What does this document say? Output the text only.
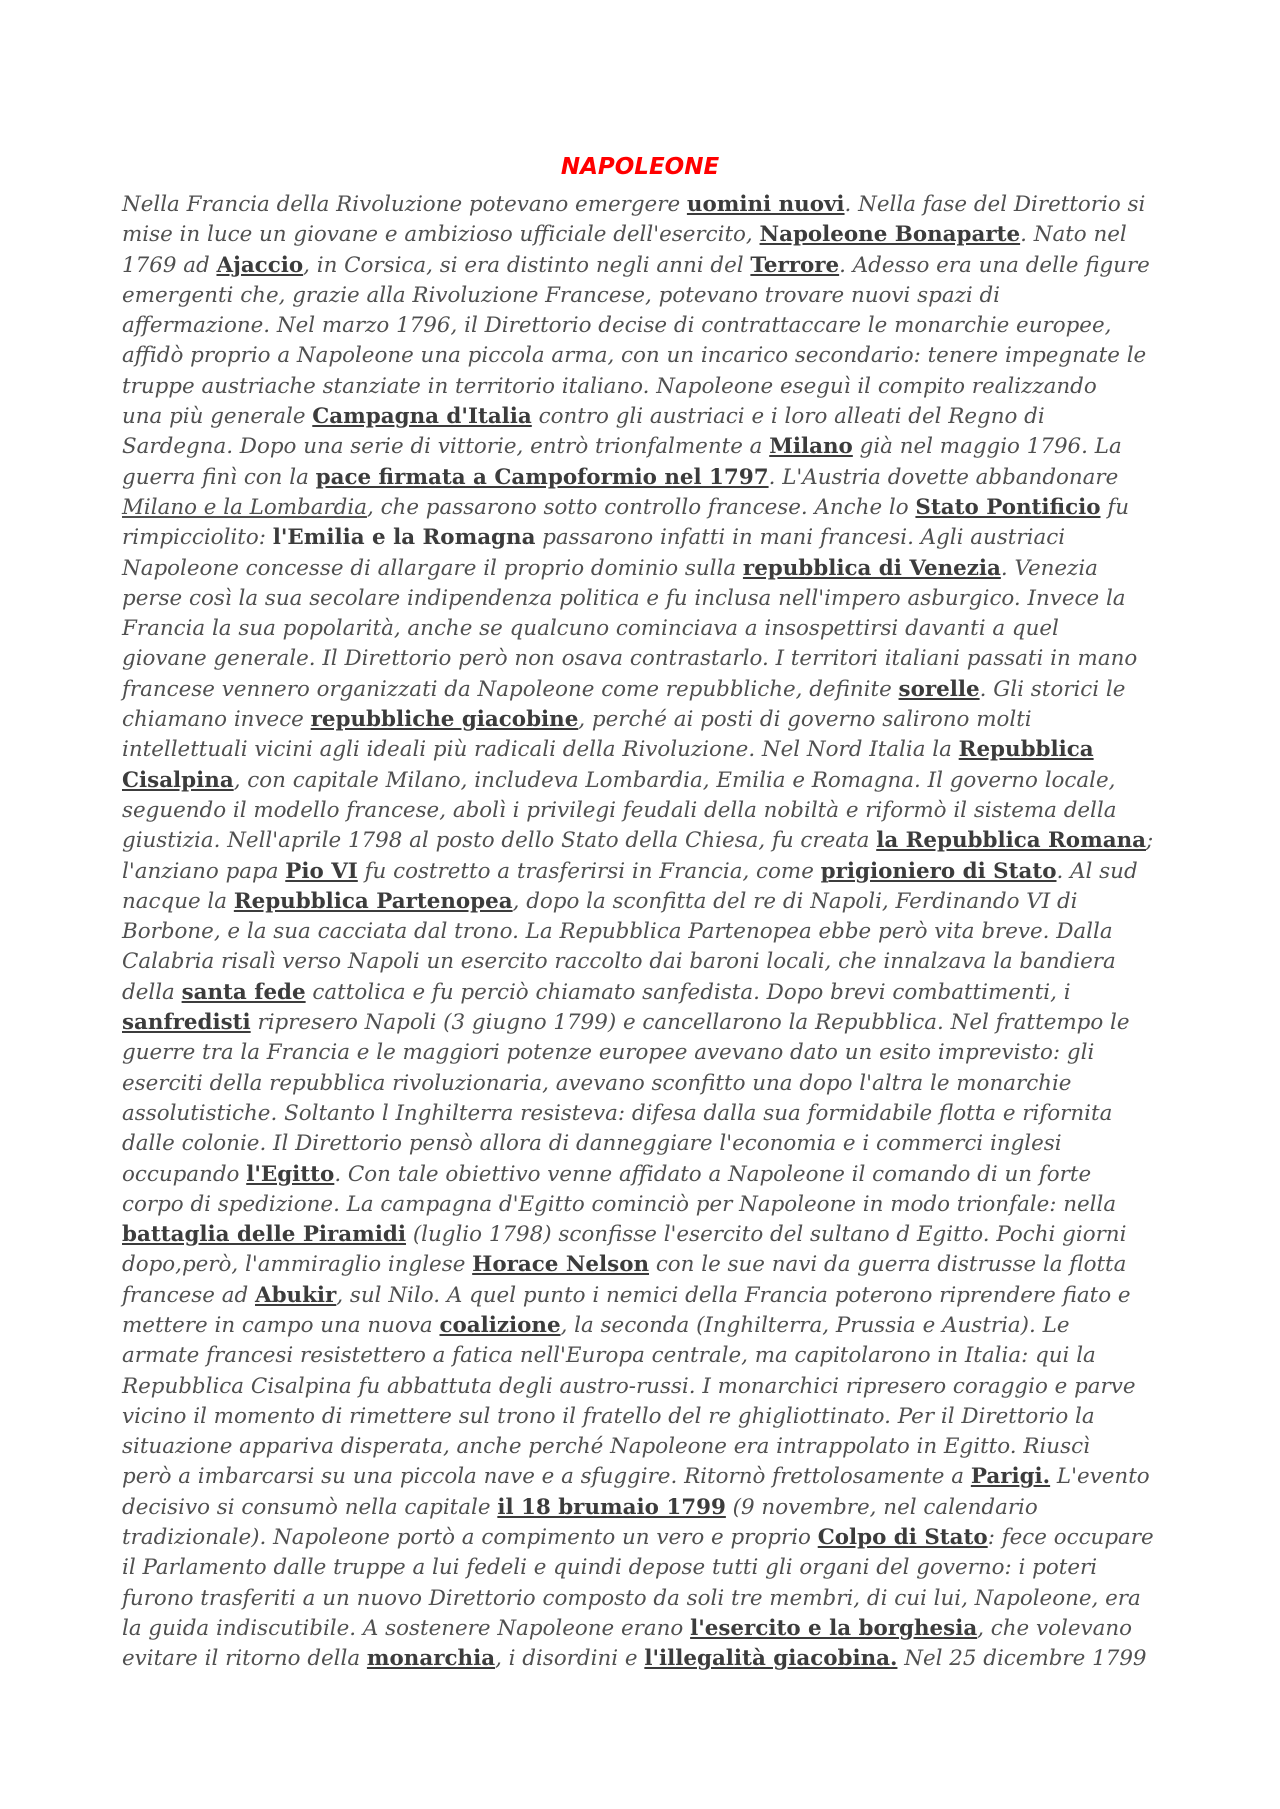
NAPOLEONE
Nella Francia della Rivoluzione potevano emergere uomini nuovi. Nella fase del Direttorio si
mise in luce un giovane e ambizioso ufficiale dell'esercito, Napoleone Bonaparte. Nato nel
1769 ad Ajaccio, in Corsica, si era distinto negli anni del Terrore. Adesso era una delle figure
emergenti che, grazie alla Rivoluzione Francese, potevano trovare nuovi spazi di
affermazione. Nel marzo 1796, il Direttorio decise di contrattaccare le monarchie europee,
affidò proprio a Napoleone una piccola arma, con un incarico secondario: tenere impegnate le
truppe austriache stanziate in territorio italiano. Napoleone eseguì il compito realizzando
una più generale Campagna d'Italia contro gli austriaci e i loro alleati del Regno di
Sardegna. Dopo una serie di vittorie, entrò trionfalmente a Milano già nel maggio 1796. La
guerra finì con la pace firmata a Campoformio nel 1797. L'Austria dovette abbandonare
Milano e la Lombardia, che passarono sotto controllo francese. Anche lo Stato Pontificio fu
rimpicciolito: l'Emilia e la Romagna passarono infatti in mani francesi. Agli austriaci
Napoleone concesse di allargare il proprio dominio sulla repubblica di Venezia. Venezia
perse così la sua secolare indipendenza politica e fu inclusa nell'impero asburgico. Invece la
Francia la sua popolarità, anche se qualcuno cominciava a insospettirsi davanti a quel
giovane generale. Il Direttorio però non osava contrastarlo. I territori italiani passati in mano
francese vennero organizzati da Napoleone come repubbliche, definite sorelle. Gli storici le
chiamano invece repubbliche giacobine, perché ai posti di governo salirono molti
intellettuali vicini agli ideali più radicali della Rivoluzione. Nel Nord Italia la Repubblica
Cisalpina, con capitale Milano, includeva Lombardia, Emilia e Romagna. Il governo locale,
seguendo il modello francese, abolì i privilegi feudali della nobiltà e riformò il sistema della
giustizia. Nell'aprile 1798 al posto dello Stato della Chiesa, fu creata la Repubblica Romana;
l'anziano papa Pio VI fu costretto a trasferirsi in Francia, come prigioniero di Stato. Al sud
nacque la Repubblica Partenopea, dopo la sconfitta del re di Napoli, Ferdinando VI di
Borbone, e la sua cacciata dal trono. La Repubblica Partenopea ebbe però vita breve. Dalla
Calabria risalì verso Napoli un esercito raccolto dai baroni locali, che innalzava la bandiera
della santa fede cattolica e fu perciò chiamato sanfedista. Dopo brevi combattimenti, i
sanfredisti ripresero Napoli (3 giugno 1799) e cancellarono la Repubblica. Nel frattempo le
guerre tra la Francia e le maggiori potenze europee avevano dato un esito imprevisto: gli
eserciti della repubblica rivoluzionaria, avevano sconfitto una dopo l'altra le monarchie
assolutistiche. Soltanto l Inghilterra resisteva: difesa dalla sua formidabile flotta e rifornita
dalle colonie. Il Direttorio pensò allora di danneggiare l'economia e i commerci inglesi
occupando l'Egitto. Con tale obiettivo venne affidato a Napoleone il comando di un forte
corpo di spedizione. La campagna d'Egitto cominciò per Napoleone in modo trionfale: nella
battaglia delle Piramidi (luglio 1798) sconfisse l'esercito del sultano d Egitto. Pochi giorni
dopo,però, l'ammiraglio inglese Horace Nelson con le sue navi da guerra distrusse la flotta
francese ad Abukir, sul Nilo. A quel punto i nemici della Francia poterono riprendere fiato e
mettere in campo una nuova coalizione, la seconda (Inghilterra, Prussia e Austria). Le
armate francesi resistettero a fatica nell'Europa centrale, ma capitolarono in Italia: qui la
Repubblica Cisalpina fu abbattuta degli austro-russi. I monarchici ripresero coraggio e parve
vicino il momento di rimettere sul trono il fratello del re ghigliottinato. Per il Direttorio la
situazione appariva disperata, anche perché Napoleone era intrappolato in Egitto. Riuscì
però a imbarcarsi su una piccola nave e a sfuggire. Ritornò frettolosamente a Parigi. L'evento
decisivo si consumò nella capitale il 18 brumaio 1799 (9 novembre, nel calendario
tradizionale). Napoleone portò a compimento un vero e proprio Colpo di Stato: fece occupare
il Parlamento dalle truppe a lui fedeli e quindi depose tutti gli organi del governo: i poteri
furono trasferiti a un nuovo Direttorio composto da soli tre membri, di cui lui, Napoleone, era
la guida indiscutibile. A sostenere Napoleone erano l'esercito e la borghesia, che volevano
evitare il ritorno della monarchia, i disordini e l'illegalità giacobina. Nel 25 dicembre 1799
